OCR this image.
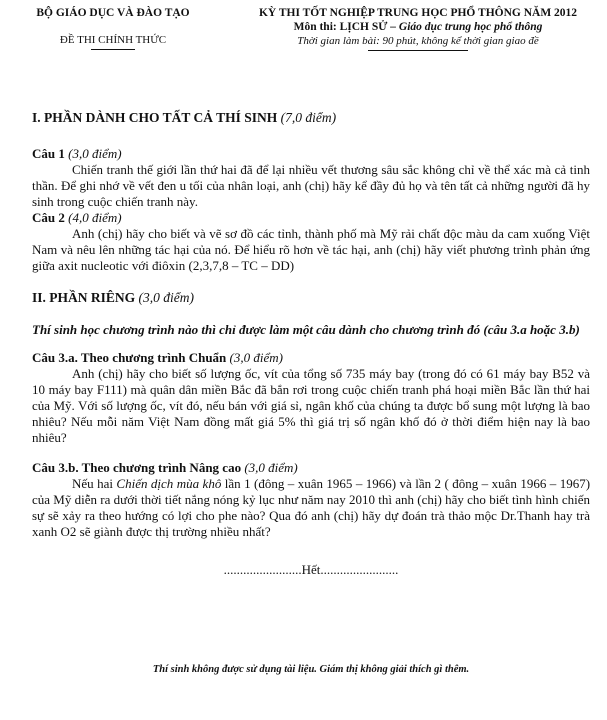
BỘ GIÁO DỤC VÀ ĐÀO TẠO
ĐỀ THI CHÍNH THỨC
KỲ THI TỐT NGHIỆP TRUNG HỌC PHỔ THÔNG NĂM 2012
Môn thi: LỊCH SỬ – Giáo dục trung học phổ thông
Thời gian làm bài: 90 phút, không kể thời gian giao đề

I. PHẦN DÀNH CHO TẤT CẢ THÍ SINH (7,0 điểm)

Câu 1 (3,0 điểm)

Chiến tranh thế giới lần thứ hai đã để lại nhiều vết thương sâu sắc không chỉ về thể xác mà cả tinh thần. Để ghi nhớ về vết đen u tối của nhân loại, anh (chị) hãy kể đầy đủ họ và tên tất cả những người đã hy sinh trong cuộc chiến tranh này.

Câu 2 (4,0 điểm)

Anh (chị) hãy cho biết và vẽ sơ đồ các tỉnh, thành phố mà Mỹ rải chất độc màu da cam xuống Việt Nam và nêu lên những tác hại của nó. Để hiểu rõ hơn về tác hại, anh (chị) hãy viết phương trình phản ứng giữa axit nucleotic với điôxin (2,3,7,8 – TC – DD)

II. PHẦN RIÊNG (3,0 điểm)

Thí sinh học chương trình nào thì chỉ được làm một câu dành cho chương trình đó (câu 3.a hoặc 3.b)

Câu 3.a. Theo chương trình Chuẩn (3,0 điểm)

Anh (chị) hãy cho biết số lượng ốc, vít của tổng số 735 máy bay (trong đó có 61 máy bay B52 và 10 máy bay F111) mà quân dân miền Bắc đã bắn rơi trong cuộc chiến tranh phá hoại miền Bắc lần thứ hai của Mỹ. Với số lượng ốc, vít đó, nếu bán với giá sỉ, ngân khố của chúng ta được bổ sung một lượng là bao nhiêu? Nếu mỗi năm Việt Nam đồng mất giá 5% thì giá trị số ngân khố đó ở thời điểm hiện nay là bao nhiêu?

Câu 3.b. Theo chương trình Nâng cao (3,0 điểm)

Nếu hai Chiến dịch mùa khô lần 1 (đông – xuân 1965 – 1966) và lần 2 ( đông – xuân 1966 – 1967) của Mỹ diễn ra dưới thời tiết nắng nóng kỷ lục như năm nay 2010 thì anh (chị) hãy cho biết tình hình chiến sự sẽ xảy ra theo hướng có lợi cho phe nào? Qua đó anh (chị) hãy dự đoán trà thảo mộc Dr.Thanh hay trà xanh O2 sẽ giành được thị trường nhiều nhất?

........................Hết........................

Thí sinh không được sử dụng tài liệu. Giám thị không giải thích gì thêm.
